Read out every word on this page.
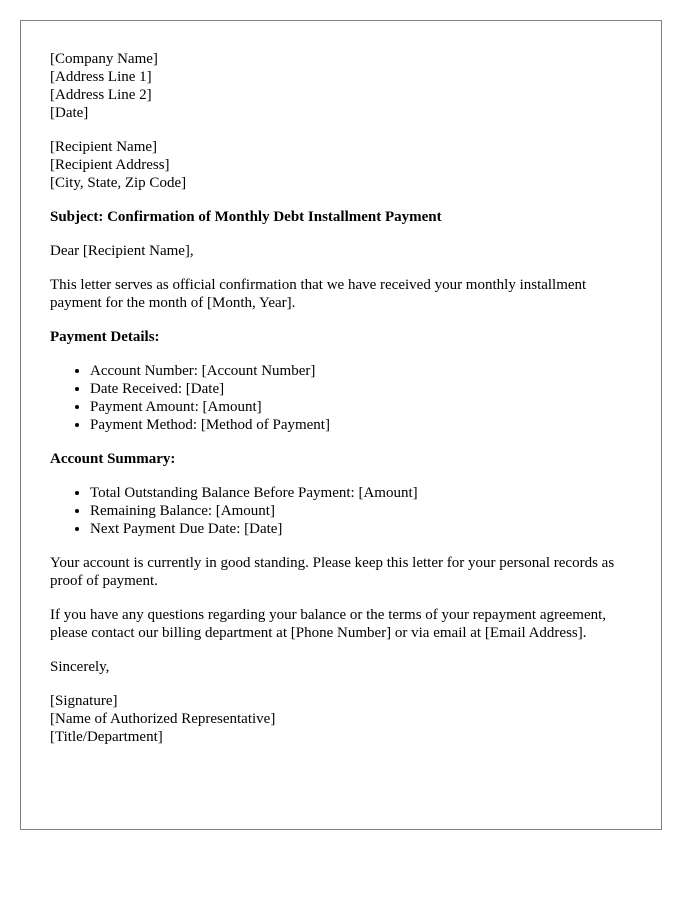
[Company Name]
[Address Line 1]
[Address Line 2]
[Date]
[Recipient Name]
[Recipient Address]
[City, State, Zip Code]

Subject: Confirmation of Monthly Debt Installment Payment

Dear [Recipient Name],

This letter serves as official confirmation that we have received your monthly installment payment for the month of [Month, Year].

Payment Details:

• Account Number: [Account Number]
• Date Received: [Date]
• Payment Amount: [Amount]
• Payment Method: [Method of Payment]

Account Summary:

• Total Outstanding Balance Before Payment: [Amount]
• Remaining Balance: [Amount]
• Next Payment Due Date: [Date]

Your account is currently in good standing. Please keep this letter for your personal records as proof of payment.

If you have any questions regarding your balance or the terms of your repayment agreement, please contact our billing department at [Phone Number] or via email at [Email Address].

Sincerely,

[Signature]
[Name of Authorized Representative]
[Title/Department]
